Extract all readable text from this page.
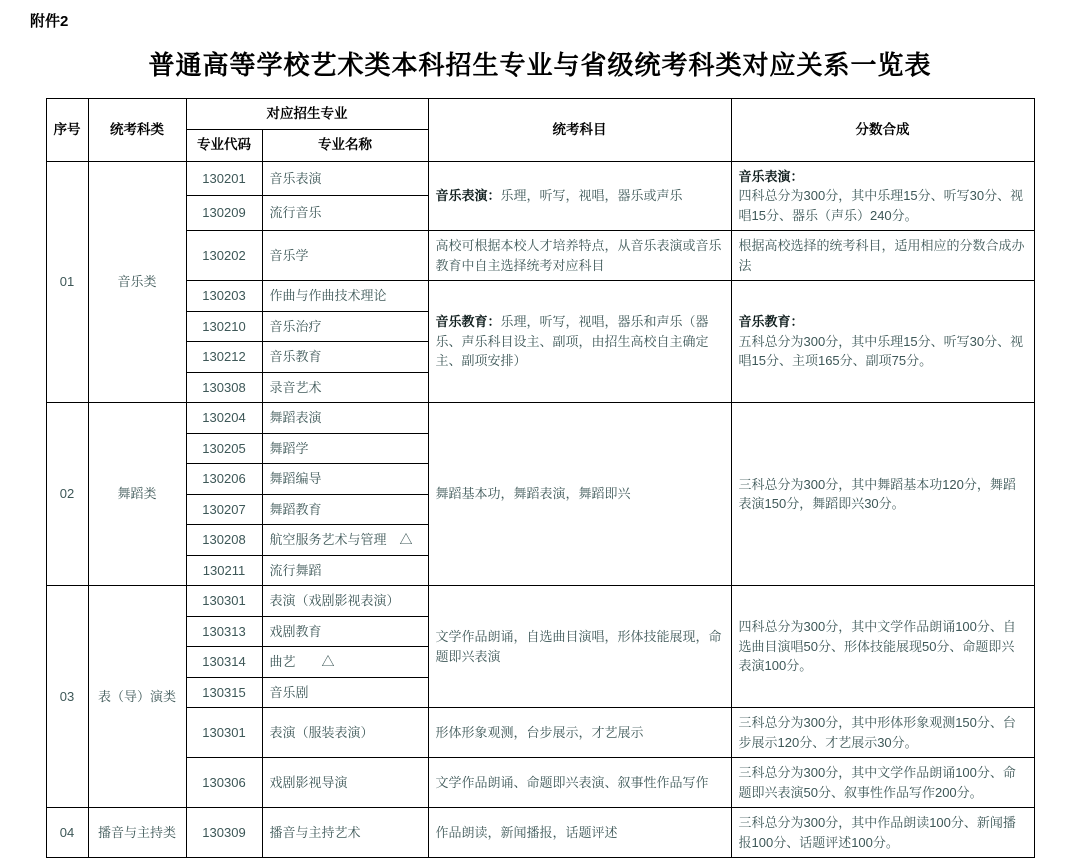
附件2
普通高等学校艺术类本科招生专业与省级统考科类对应关系一览表
序号	统考科类	对应招生专业		统考科目	分数合成
		专业代码	专业名称		
01	音乐类	130201	音乐表演	音乐表演：乐理，听写，视唱，器乐或声乐	音乐表演：
四科总分为300分，其中乐理15分、听写30分、视唱15分、器乐（声乐）240分。
		130209	流行音乐		
		130202	音乐学	高校可根据本校人才培养特点，从音乐表演或音乐教育中自主选择统考对应科目	根据高校选择的统考科目，适用相应的分数合成办法
		130203	作曲与作曲技术理论	音乐教育：乐理，听写，视唱，器乐和声乐（器乐、声乐科目设主、副项，由招生高校自主确定主、副项安排）	音乐教育：
五科总分为300分，其中乐理15分、听写30分、视唱15分、主项165分、副项75分。
		130210	音乐治疗		
		130212	音乐教育		
		130308	录音艺术		
02	舞蹈类	130204	舞蹈表演	舞蹈基本功，舞蹈表演，舞蹈即兴	三科总分为300分，其中舞蹈基本功120分，舞蹈表演150分，舞蹈即兴30分。
		130205	舞蹈学		
		130206	舞蹈编导		
		130207	舞蹈教育		
		130208	航空服务艺术与管理　△		
		130211	流行舞蹈		
03	表（导）演类	130301	表演（戏剧影视表演）	文学作品朗诵，自选曲目演唱，形体技能展现，命题即兴表演	四科总分为300分，其中文学作品朗诵100分、自选曲目演唱50分、形体技能展现50分、命题即兴表演100分。
		130313	戏剧教育		
		130314	曲艺　　△		
		130315	音乐剧		
		130301	表演（服装表演）	形体形象观测，台步展示，才艺展示	三科总分为300分，其中形体形象观测150分、台步展示120分、才艺展示30分。
		130306	戏剧影视导演	文学作品朗诵、命题即兴表演、叙事性作品写作	三科总分为300分，其中文学作品朗诵100分、命题即兴表演50分、叙事性作品写作200分。
04	播音与主持类	130309	播音与主持艺术	作品朗读，新闻播报，话题评述	三科总分为300分，其中作品朗读100分、新闻播报100分、话题评述100分。
